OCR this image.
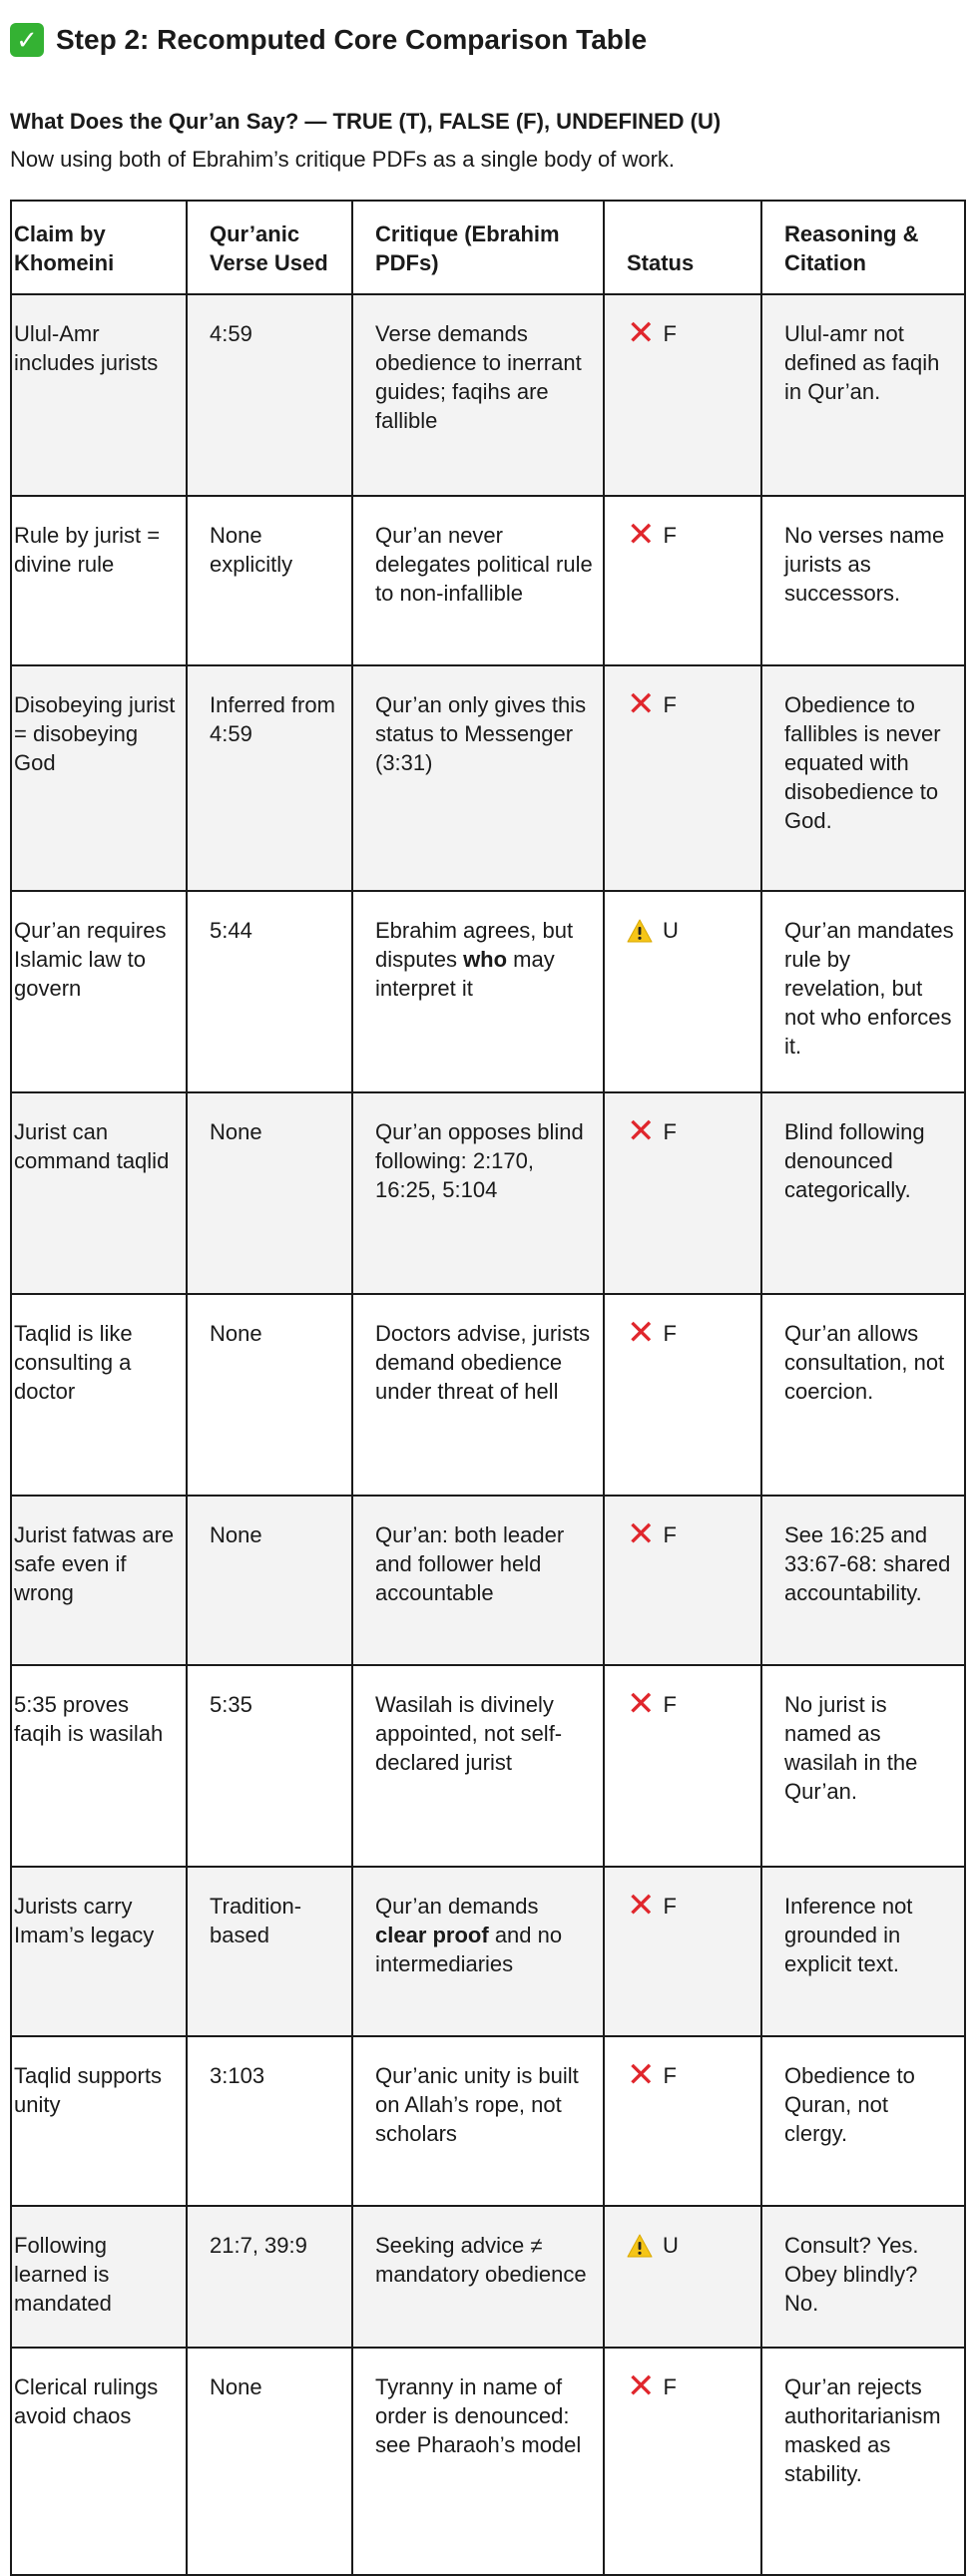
✓ Step 2: Recomputed Core Comparison Table
What Does the Qur’an Say? — TRUE (T), FALSE (F), UNDEFINED (U)
Now using both of Ebrahim’s critique PDFs as a single body of work.
Claim by Khomeini	Qur’anic Verse Used	Critique (Ebrahim PDFs)	Status	Reasoning & Citation
Ulul-Amr includes jurists	4:59	Verse demands obedience to inerrant guides; faqihs are fallible	✕ F	Ulul-amr not defined as faqih in Qur’an.
Rule by jurist = divine rule	None explicitly	Qur’an never delegates political rule to non-infallible	✕ F	No verses name jurists as successors.
Disobeying jurist = disobeying God	Inferred from 4:59	Qur’an only gives this status to Messenger (3:31)	✕ F	Obedience to fallibles is never equated with disobedience to God.
Qur’an requires Islamic law to govern	5:44	Ebrahim agrees, but disputes who may interpret it	U	Qur’an mandates rule by revelation, but not who enforces it.
Jurist can command taqlid	None	Qur’an opposes blind following: 2:170, 16:25, 5:104	✕ F	Blind following denounced categorically.
Taqlid is like consulting a doctor	None	Doctors advise, jurists demand obedience under threat of hell	✕ F	Qur’an allows consultation, not coercion.
Jurist fatwas are safe even if wrong	None	Qur’an: both leader and follower held accountable	✕ F	See 16:25 and 33:67-68: shared accountability.
5:35 proves faqih is wasilah	5:35	Wasilah is divinely appointed, not self-declared jurist	✕ F	No jurist is named as wasilah in the Qur’an.
Jurists carry Imam’s legacy	Tradition-based	Qur’an demands clear proof and no intermediaries	✕ F	Inference not grounded in explicit text.
Taqlid supports unity	3:103	Qur’anic unity is built on Allah’s rope, not scholars	✕ F	Obedience to Quran, not clergy.
Following learned is mandated	21:7, 39:9	Seeking advice ≠ mandatory obedience	U	Consult? Yes. Obey blindly? No.
Clerical rulings avoid chaos	None	Tyranny in name of order is denounced: see Pharaoh’s model	✕ F	Qur’an rejects authoritarianism masked as stability.
